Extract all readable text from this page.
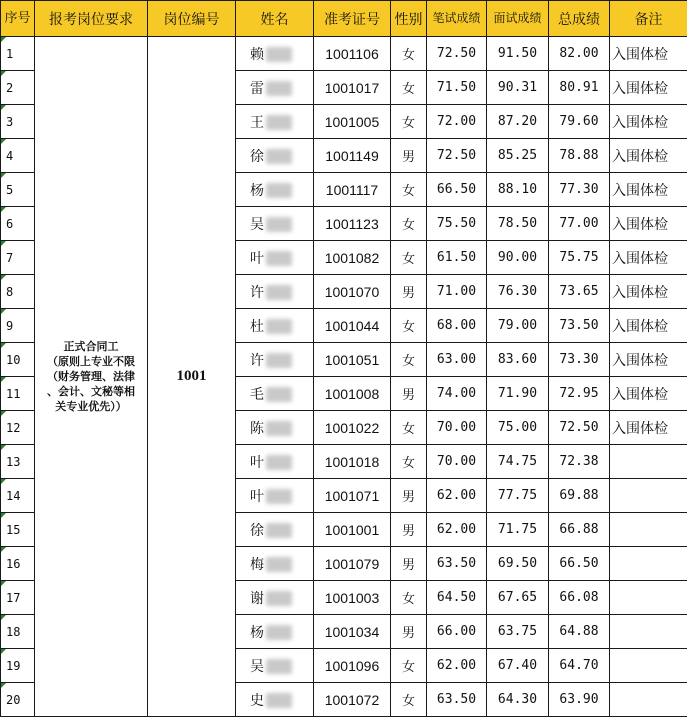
序号	报考岗位要求	岗位编号	姓名	准考证号	性别	笔试成绩	面试成绩	总成绩	备注

1	正式合同工
（原则上专业不限
（财务管理、法律
、会计、文秘等相
关专业优先））	1001	赖	1001106	女	72.50	91.50	82.00	入围体检

2			雷	1001017	女	71.50	90.31	80.91	入围体检

3			王	1001005	女	72.00	87.20	79.60	入围体检

4			徐	1001149	男	72.50	85.25	78.88	入围体检

5			杨	1001117	女	66.50	88.10	77.30	入围体检

6			吴	1001123	女	75.50	78.50	77.00	入围体检

7			叶	1001082	女	61.50	90.00	75.75	入围体检

8			许	1001070	男	71.00	76.30	73.65	入围体检

9			杜	1001044	女	68.00	79.00	73.50	入围体检

10			许	1001051	女	63.00	83.60	73.30	入围体检

11			毛	1001008	男	74.00	71.90	72.95	入围体检

12			陈	1001022	女	70.00	75.00	72.50	入围体检

13			叶	1001018	女	70.00	74.75	72.38	

14			叶	1001071	男	62.00	77.75	69.88	

15			徐	1001001	男	62.00	71.75	66.88	

16			梅	1001079	男	63.50	69.50	66.50	

17			谢	1001003	女	64.50	67.65	66.08	

18			杨	1001034	男	66.00	63.75	64.88	

19			吴	1001096	女	62.00	67.40	64.70	

20			史	1001072	女	63.50	64.30	63.90	
